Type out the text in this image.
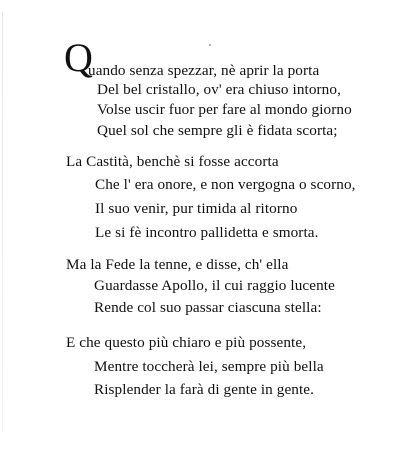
Q
uando senza spezzar, nè aprir la porta
Del bel cristallo, ov' era chiuso intorno,
Volse uscir fuor per fare al mondo giorno
Quel sol che sempre gli è fidata scorta;
La Castità, benchè si fosse accorta
Che l' era onore, e non vergogna o scorno,
Il suo venir, pur timida al ritorno
Le si fè incontro pallidetta e smorta.
Ma la Fede la tenne, e disse, ch' ella
Guardasse Apollo, il cui raggio lucente
Rende col suo passar ciascuna stella:
E che questo più chiaro e più possente,
Mentre toccherà lei, sempre più bella
Risplender la farà di gente in gente.
